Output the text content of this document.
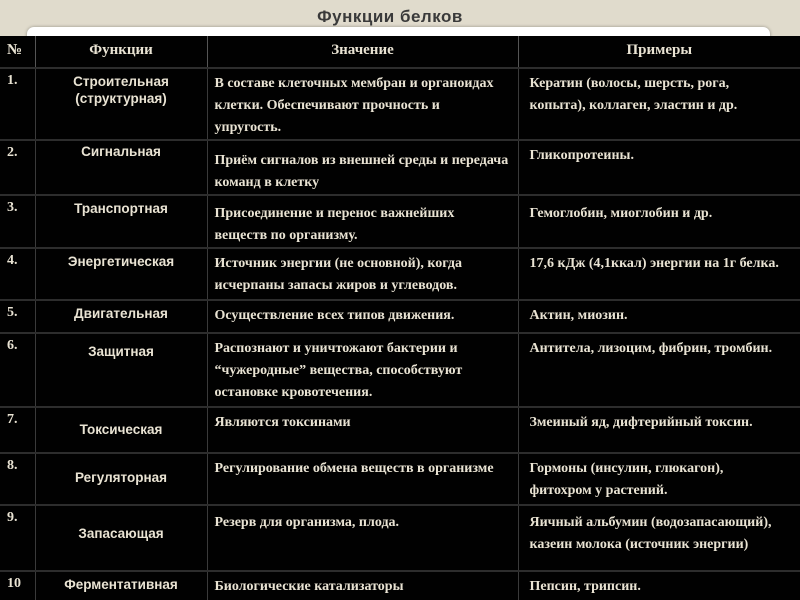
Функции белков
№	Функции	Значение	Примеры
1.	Строительная (структурная)	В составе клеточных мембран и органоидах клетки. Обеспечивают прочность и упругость.	Кератин (волосы, шерсть, рога, копыта), коллаген, эластин и др.
2.	Сигнальная	Приём сигналов из внешней среды и передача команд в клетку	Гликопротеины.
3.	Транспортная	Присоединение и перенос важнейших веществ по организму.	Гемоглобин, миоглобин и др.
4.	Энергетическая	Источник энергии (не основной), когда исчерпаны запасы жиров и углеводов.	17,6 кДж (4,1ккал) энергии на 1г белка.
5.	Двигательная	Осуществление всех типов движения.	Актин, миозин.
6.	Защитная	Распознают и уничтожают бактерии и “чужеродные” вещества, способствуют остановке кровотечения.	Антитела, лизоцим, фибрин, тромбин.
7.	Токсическая	Являются токсинами	Змеиный яд, дифтерийный токсин.
8.	Регуляторная	Регулирование обмена веществ в организме	Гормоны (инсулин, глюкагон), фитохром у растений.
9.	Запасающая	Резерв для организма, плода.	Яичный альбумин (водозапасающий), казеин молока (источник энергии)
10	Ферментативная	Биологические катализаторы	Пепсин, трипсин.
